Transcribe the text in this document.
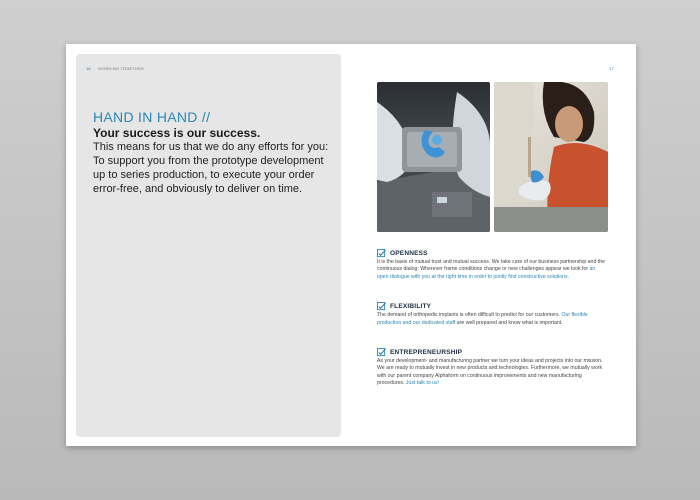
16 WORKING TOGETHER	17
HAND IN HAND //
Your success is our success.
This means for us that we do any efforts for you: To support you from the prototype development up to series production, to execute your order error-free, and obviously to deliver on time.
OPENNESS
It is the basis of mutual trust and mutual success. We take care of our business partnership and the continuous dialog: Wherever frame conditions change or new challenges appear we look for an open dialogue with you at the right time in order to jointly find constructive solutions.
FLEXIBILITY
The demand of orthopedic implants is often difficult to predict for our customers. Our flexible production and our dedicated staff are well prepared and know what is important.
ENTREPRENEURSHIP
As your development- and manufacturing partner we turn your ideas and projects into our mission. We are ready to mutually invest in new products and technologies. Furthermore, we mutually work with our parent company Alphaform on continuous improvements and new manufacturing procedures. Just talk to us!
